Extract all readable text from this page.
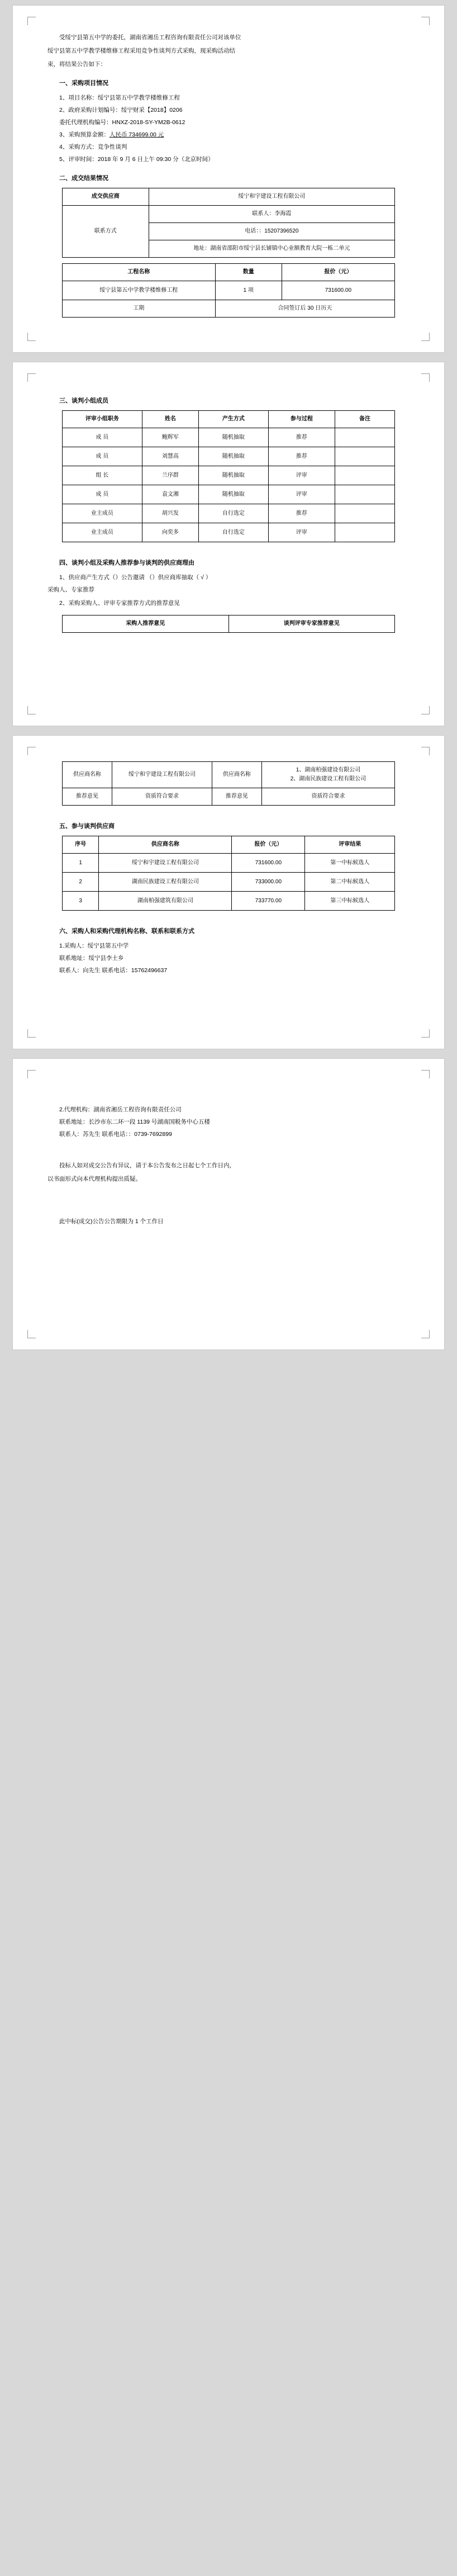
受绥宁县第五中学的委托，湖南省湘岳工程咨询有限责任公司对该单位

绥宁县第五中学教学楼维修工程采用竞争性谈判方式采购，现采购活动结

束，将结果公告如下：

一、采购项目情况

1、项目名称：绥宁县第五中学教学楼维修工程

2、政府采购计划编号：绥宁财采【2018】0206

委托代理机构编号：HNXZ-2018-SY-YM2B-0612

3、采购预算金额：人民币 734699.00 元

4、采购方式：竞争性谈判

5、评审时间：2018 年 9 月 6 日上午 09:30 分（北京时间）

二、成交结果情况
成交供应商	绥宁和宇建设工程有限公司
联系方式	联系人：李海霞
	电话：：15207396520
	地址：湖南省邵阳市绥宁县长铺镇中心业额教育大院一栋二单元
工程名称	数量	报价（元）
绥宁县第五中学教学楼维修工程	1 项	731600.00
工期	合同签订后 30 日历天	
三、谈判小组成员
评审小组职务	姓名	产生方式	参与过程	备注
成 员	鲍辉军	随机抽取	推荐	
成 员	刘慧高	随机抽取	推荐	
组 长	兰序群	随机抽取	评审	
成 员	袁文湘	随机抽取	评审	
业主成员	胡兴发	自行选定	推荐	
业主成员	向奕多	自行选定	评审	
四、谈判小组及采购人推荐参与谈判的供应商理由

1、供应商产生方式（）公告邀请 （）供应商库抽取（ √ ）

采购人、专家推荐

2、采购采购人、评审专家推荐方式的推荐意见

采购人推荐意见	谈判评审专家推荐意见
供应商名称	绥宁和宇建设工程有限公司	供应商名称	1、湖南柏强建设有限公司
2、湖南民族建设工程有限公司
推荐意见	资质符合要求	推荐意见	资质符合要求
五、参与谈判供应商
序号	供应商名称	报价（元）	评审结果
1	绥宁和宇建设工程有限公司	731600.00	第一中标候选人
2	湖南民族建设工程有限公司	733000.00	第二中标候选人
3	湖南柏强建筑有限公司	733770.00	第三中标候选人
六、采购人和采购代理机构名称、联系和联系方式

1.采购人：绥宁县第五中学

联系地址：绥宁县李土乡

联系人：向先生 联系电话：15762496637

2.代理机构：湖南省湘岳工程咨询有限责任公司

联系地址：长沙市东二环一段 1139 号湖南国税务中心五楼

联系人：苏先生 联系电话：：0739-7692899

投标人如对成交公告有异议，请于本公告发布之日起七个工作日内，

以书面形式向本代理机构提出质疑。

此中标(成交)公告公告期限为 1 个工作日
